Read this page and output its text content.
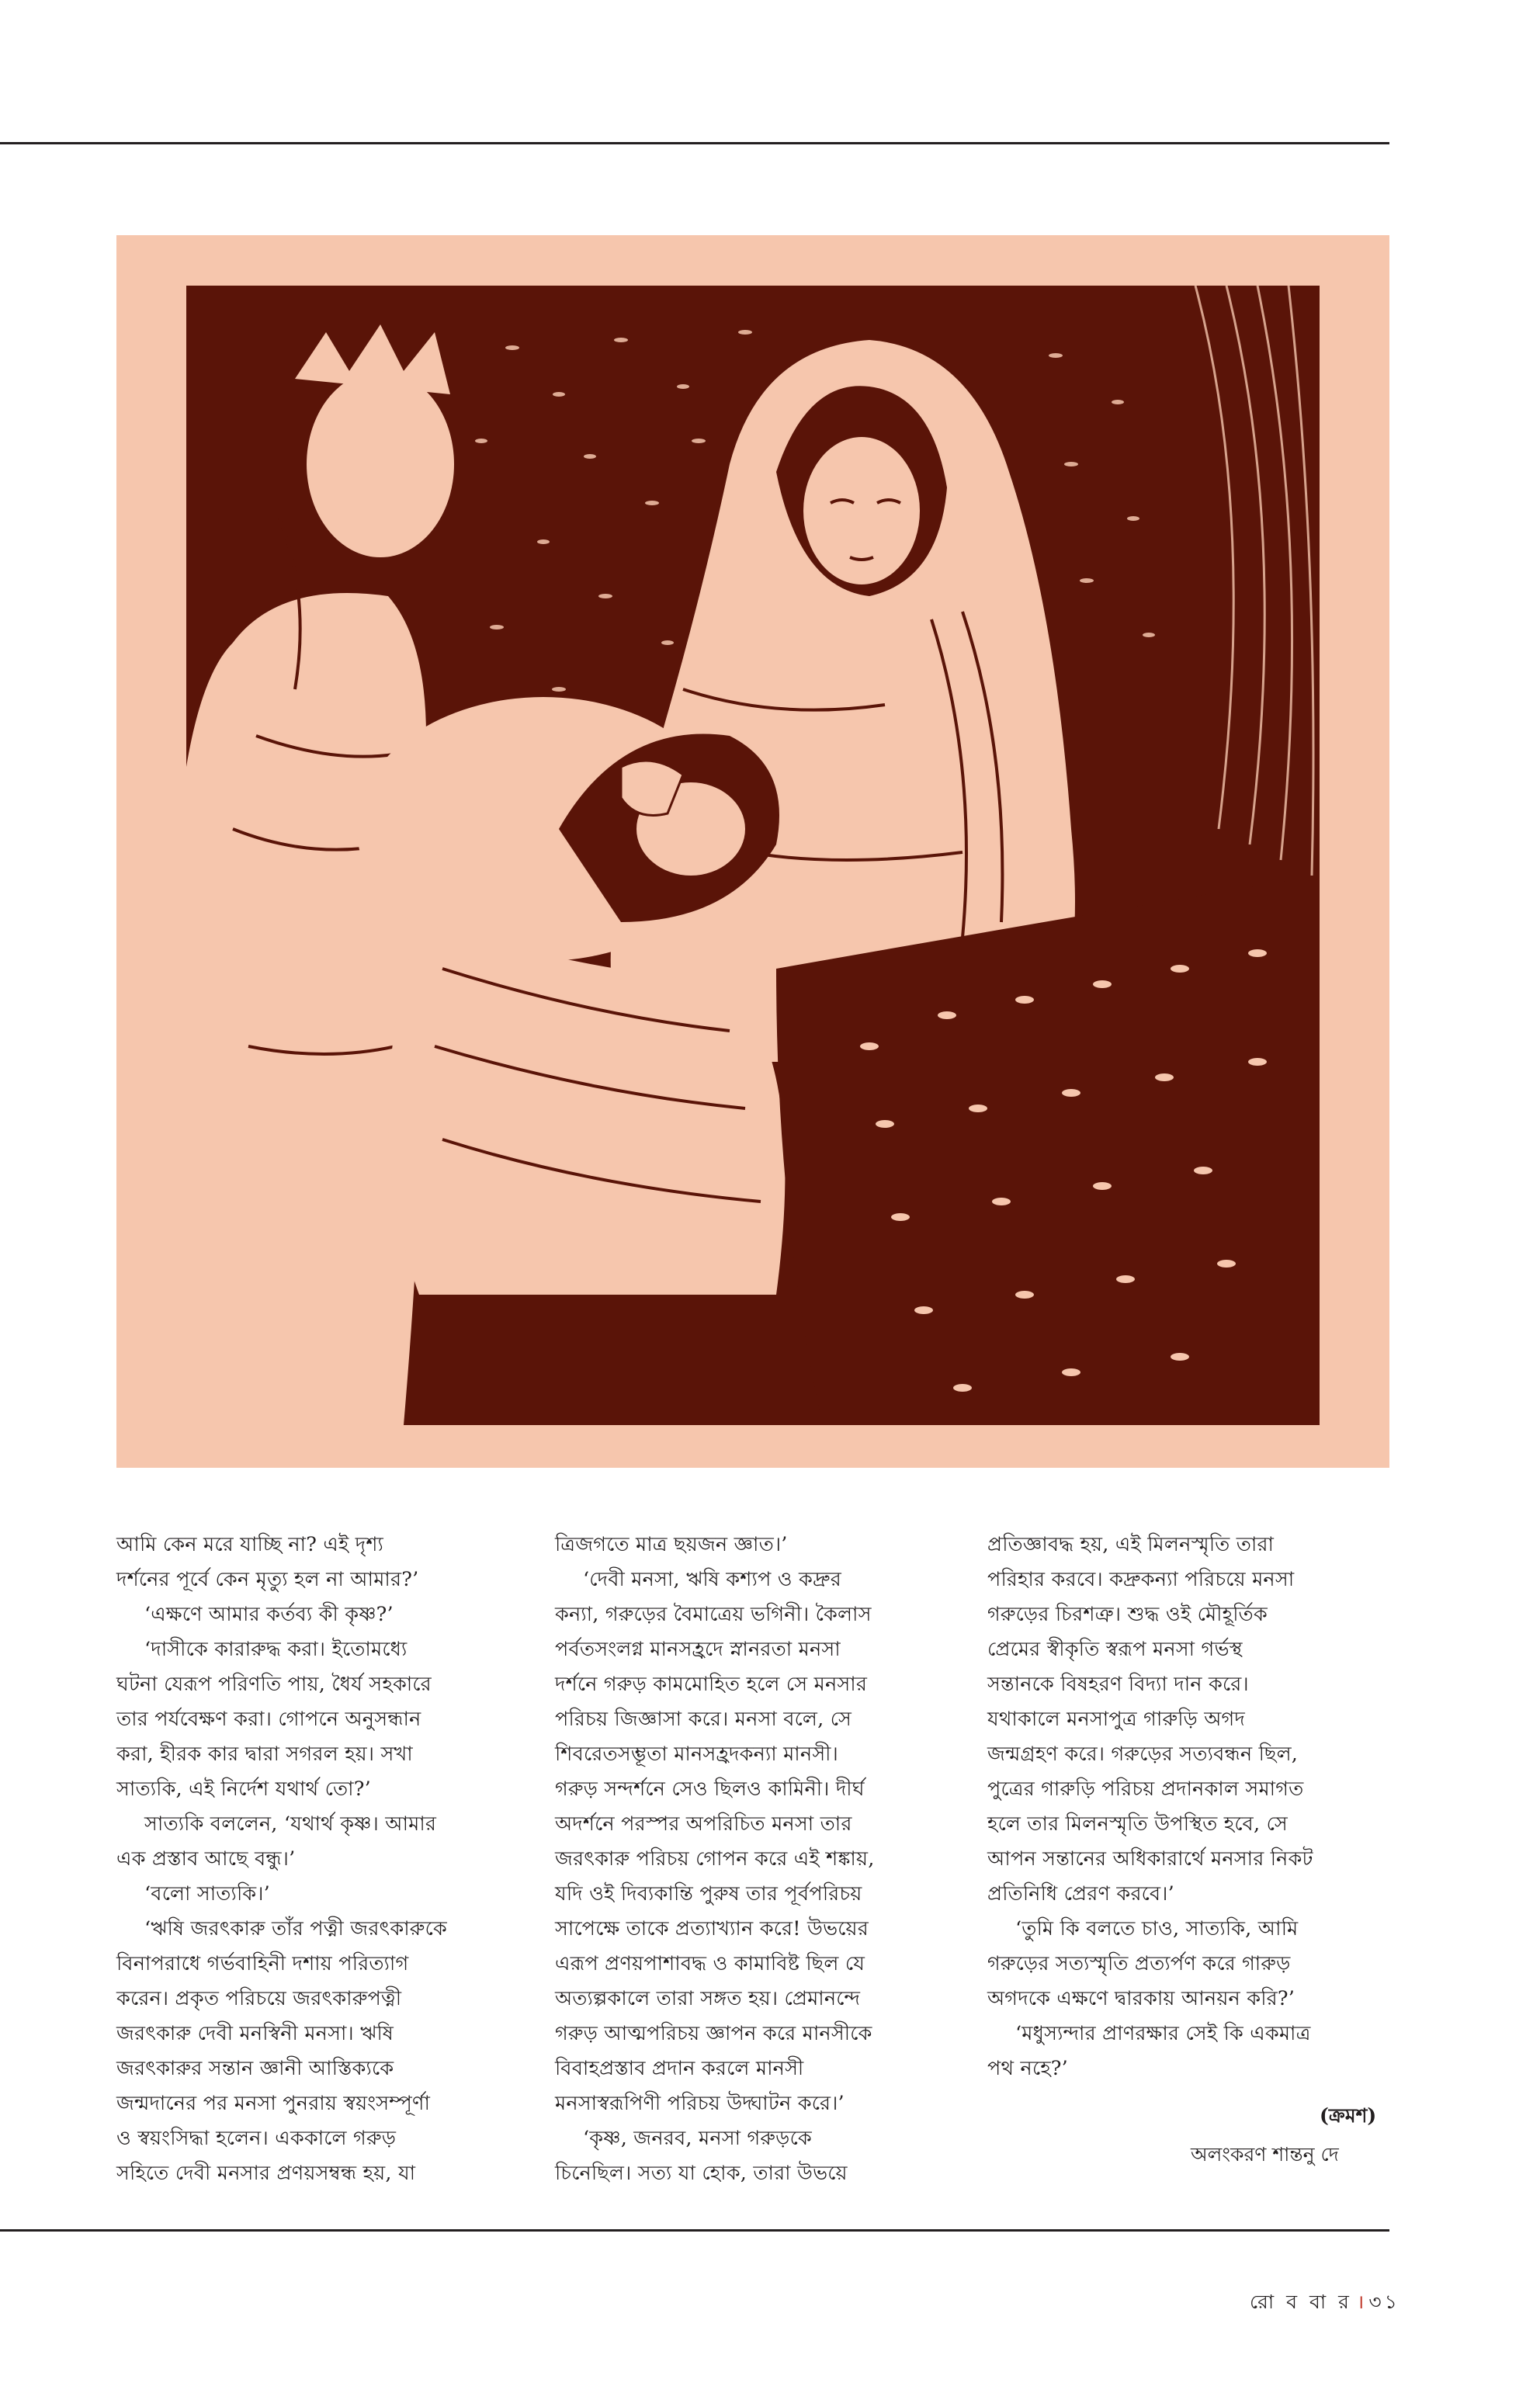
আমি কেন মরে যাচ্ছি না? এই দৃশ্য

দর্শনের পূর্বে কেন মৃত্যু হল না আমার?’

‘এক্ষণে আমার কর্তব্য কী কৃষ্ণ?’

‘দাসীকে কারারুদ্ধ করা। ইতোমধ্যে

ঘটনা যেরূপ পরিণতি পায়, ধৈর্য সহকারে

তার পর্যবেক্ষণ করা। গোপনে অনুসন্ধান

করা, হীরক কার দ্বারা সগরল হয়। সখা

সাত্যকি, এই নির্দেশ যথার্থ তো?’

সাত্যকি বললেন, ‘যথার্থ কৃষ্ণ। আমার

এক প্রস্তাব আছে বন্ধু।’

‘বলো সাত্যকি।’

‘ঋষি জরৎকারু তাঁর পত্নী জরৎকারুকে

বিনাপরাধে গর্ভবাহিনী দশায় পরিত্যাগ

করেন। প্রকৃত পরিচয়ে জরৎকারুপত্নী

জরৎকারু দেবী মনস্বিনী মনসা। ঋষি

জরৎকারুর সন্তান জ্ঞানী আস্তিক্যকে

জন্মদানের পর মনসা পুনরায় স্বয়ংসম্পূর্ণা

ও স্বয়ংসিদ্ধা হলেন। এককালে গরুড়

সহিতে দেবী মনসার প্রণয়সম্বন্ধ হয়, যা

ত্রিজগতে মাত্র ছয়জন জ্ঞাত।’

‘দেবী মনসা, ঋষি কশ্যপ ও কদ্রুর

কন্যা, গরুড়ের বৈমাত্রেয় ভগিনী। কৈলাস

পর্বতসংলগ্ন মানসহ্রদে স্নানরতা মনসা

দর্শনে গরুড় কামমোহিত হলে সে মনসার

পরিচয় জিজ্ঞাসা করে। মনসা বলে, সে

শিবরেতসম্ভূতা মানসহ্রদকন্যা মানসী।

গরুড় সন্দর্শনে সেও ছিলও কামিনী। দীর্ঘ

অদর্শনে পরস্পর অপরিচিত মনসা তার

জরৎকারু পরিচয় গোপন করে এই শঙ্কায়,

যদি ওই দিব্যকান্তি পুরুষ তার পূর্বপরিচয়

সাপেক্ষে তাকে প্রত্যাখ্যান করে! উভয়ের

এরূপ প্রণয়পাশাবদ্ধ ও কামাবিষ্ট ছিল যে

অত্যল্পকালে তারা সঙ্গত হয়। প্রেমানন্দে

গরুড় আত্মপরিচয় জ্ঞাপন করে মানসীকে

বিবাহপ্রস্তাব প্রদান করলে মানসী

মনসাস্বরূপিণী পরিচয় উদ্ঘাটন করে।’

‘কৃষ্ণ, জনরব, মনসা গরুড়কে

চিনেছিল। সত্য যা হোক, তারা উভয়ে

প্রতিজ্ঞাবদ্ধ হয়, এই মিলনস্মৃতি তারা

পরিহার করবে। কদ্রুকন্যা পরিচয়ে মনসা

গরুড়ের চিরশত্রু। শুদ্ধ ওই মৌহূর্তিক

প্রেমের স্বীকৃতি স্বরূপ মনসা গর্ভস্থ

সন্তানকে বিষহরণ বিদ্যা দান করে।

যথাকালে মনসাপুত্র গারুড়ি অগদ

জন্মগ্রহণ করে। গরুড়ের সত্যবন্ধন ছিল,

পুত্রের গারুড়ি পরিচয় প্রদানকাল সমাগত

হলে তার মিলনস্মৃতি উপস্থিত হবে, সে

আপন সন্তানের অধিকারার্থে মনসার নিকট

প্রতিনিধি প্রেরণ করবে।’

‘তুমি কি বলতে চাও, সাত্যকি, আমি

গরুড়ের সত্যস্মৃতি প্রত্যর্পণ করে গারুড়

অগদকে এক্ষণে দ্বারকায় আনয়ন করি?’

‘মধুস্যন্দার প্রাণরক্ষার সেই কি একমাত্র

পথ নহে?’

(ক্রমশ)
অলংকরণ শান্তনু দে
রো ব বা র । ৩১
